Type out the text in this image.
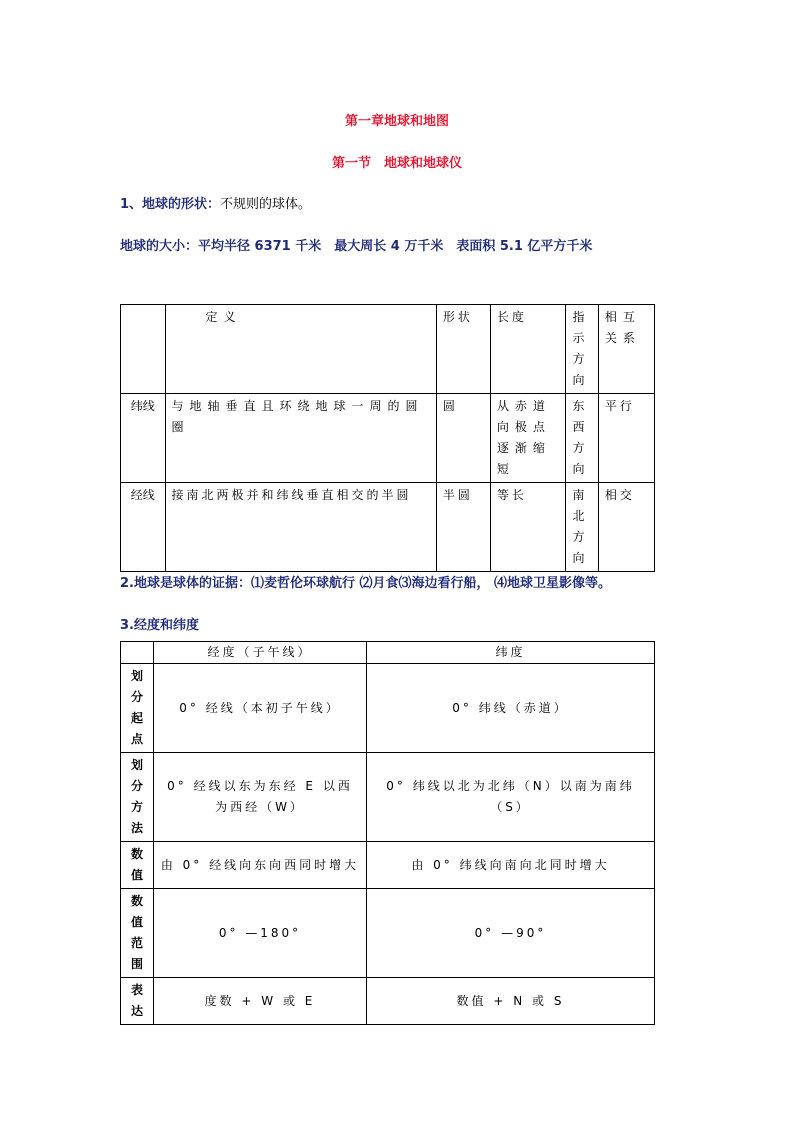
第一章地球和地图
第一节　地球和地球仪
1、地球的形状：不规则的球体。
地球的大小：平均半径 6371 千米　最大周长 4 万千米　表面积 5.1 亿平方千米
	定义	形状	长度	指示方向	相互关系
纬线	与地轴垂直且环绕地球一周的圆圈	圆	从赤道向极点逐渐缩短	东西方向	平行
经线	接南北两极并和纬线垂直相交的半圆	半圆	等长	南北方向	相交
2.地球是球体的证据：⑴麦哲伦环球航行 ⑵月食⑶海边看行船， ⑷地球卫星影像等。
3.经度和纬度
	经度（子午线）	纬度
划分起点	0° 经线（本初子午线）	0° 纬线（赤道）
划分方法	0° 经线以东为东经 E 以西为西经（W）	0° 纬线以北为北纬（N）以南为南纬（S）
数值	由 0° 经线向东向西同时增大	由 0° 纬线向南向北同时增大
数值范围	0° —180°	0° —90°
表达	度数 + W 或 E	数值 + N 或 S
